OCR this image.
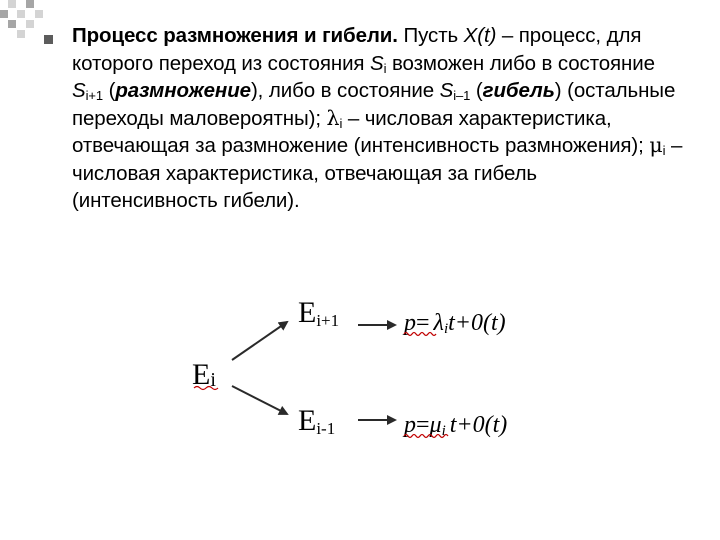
Процесс размножения и гибели. Пусть X(t) – процесс, для которого переход из состояния $S_i$ возможен либо в состояние $S_{i+1}$ (размножение), либо в состояние $S_{i-1}$ (гибель) (остальные переходы маловероятны); $\lambda_i$ – числовая характеристика, отвечающая за размножение (интенсивность размножения); $\mu_i$ – числовая характеристика, отвечающая за гибель (интенсивность гибели).
Ei
Ei+1	p= λit+0(t)
Ei-1	p=μi t+0(t)
